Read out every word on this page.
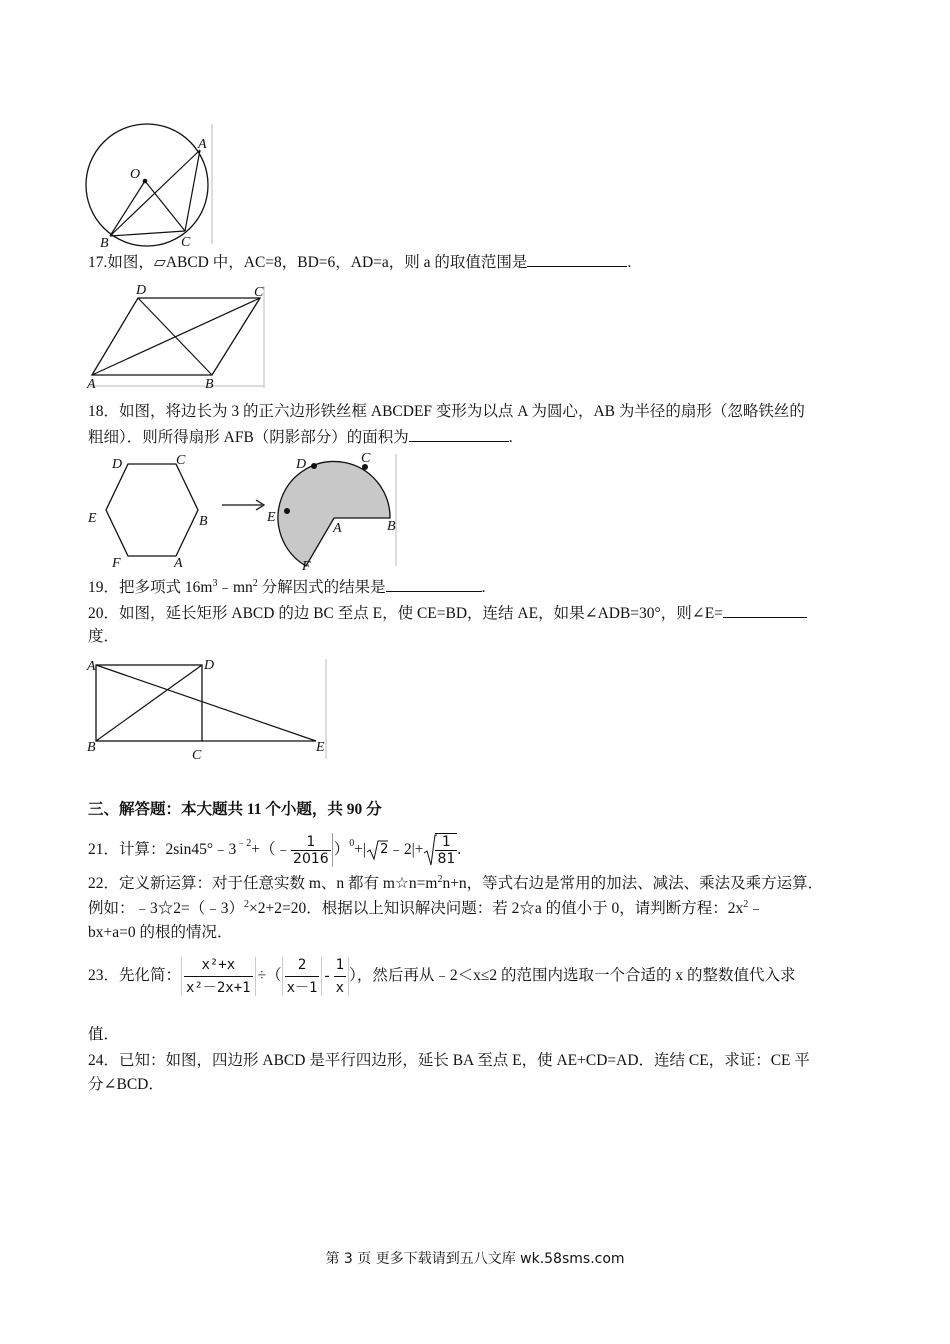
O
A
B	C
17.如图，▱ABCD 中，AC=8，BD=6，AD=a，则 a 的取值范围是	.
D	C
A	B
18．如图，将边长为 3 的正六边形铁丝框 ABCDEF 变形为以点 A 为圆心，AB 为半径的扇形（忽略铁丝的
粗细）．则所得扇形 AFB（阴影部分）的面积为	.
D	C
E	B
F	A
D	C
E
A	B
F
19．把多项式 $16m^3﹣mn^2$ 分解因式的结果是	.
20．如图，延长矩形 ABCD 的边 BC 至点 E，使 CE=BD，连结 AE，如果∠ADB=30°，则∠E=
度．
A	D
B
C
E
三、解答题：本大题共 11 个小题，共 90 分
21．计算：$2\sin 45^\circ﹣3^{﹣2}$ +（﹣ $\frac{1}{2016} )^0$ +| 2 ﹣2|+ $\frac{1}{81}$ .
22．定义新运算：对于任意实数 m、n 都有 $m☆n=m^2n+n$，等式右边是常用的加法、减法、乘法及乘方运算．
例如：﹣3☆2=（﹣3）$^2$×2+2=20．根据以上知识解决问题：若 2☆a 的值小于 0，请判断方程：$2x^2﹣$
bx+a=0 的根的情况．
23．先化简： $\frac{\text{x²+x}}{\text{x²－2x+1}}$ ÷（ $\frac{2}{x-1} - \frac{1}{x}$ ），然后再从﹣2＜x≤2 的范围内选取一个合适的 x 的整数值代入求
值．
24．已知：如图，四边形 ABCD 是平行四边形，延长 BA 至点 E，使 AE+CD=AD．连结 CE，求证：CE 平
分∠BCD．
第 3 页 更多下载请到五八文库 wk.58sms.com
